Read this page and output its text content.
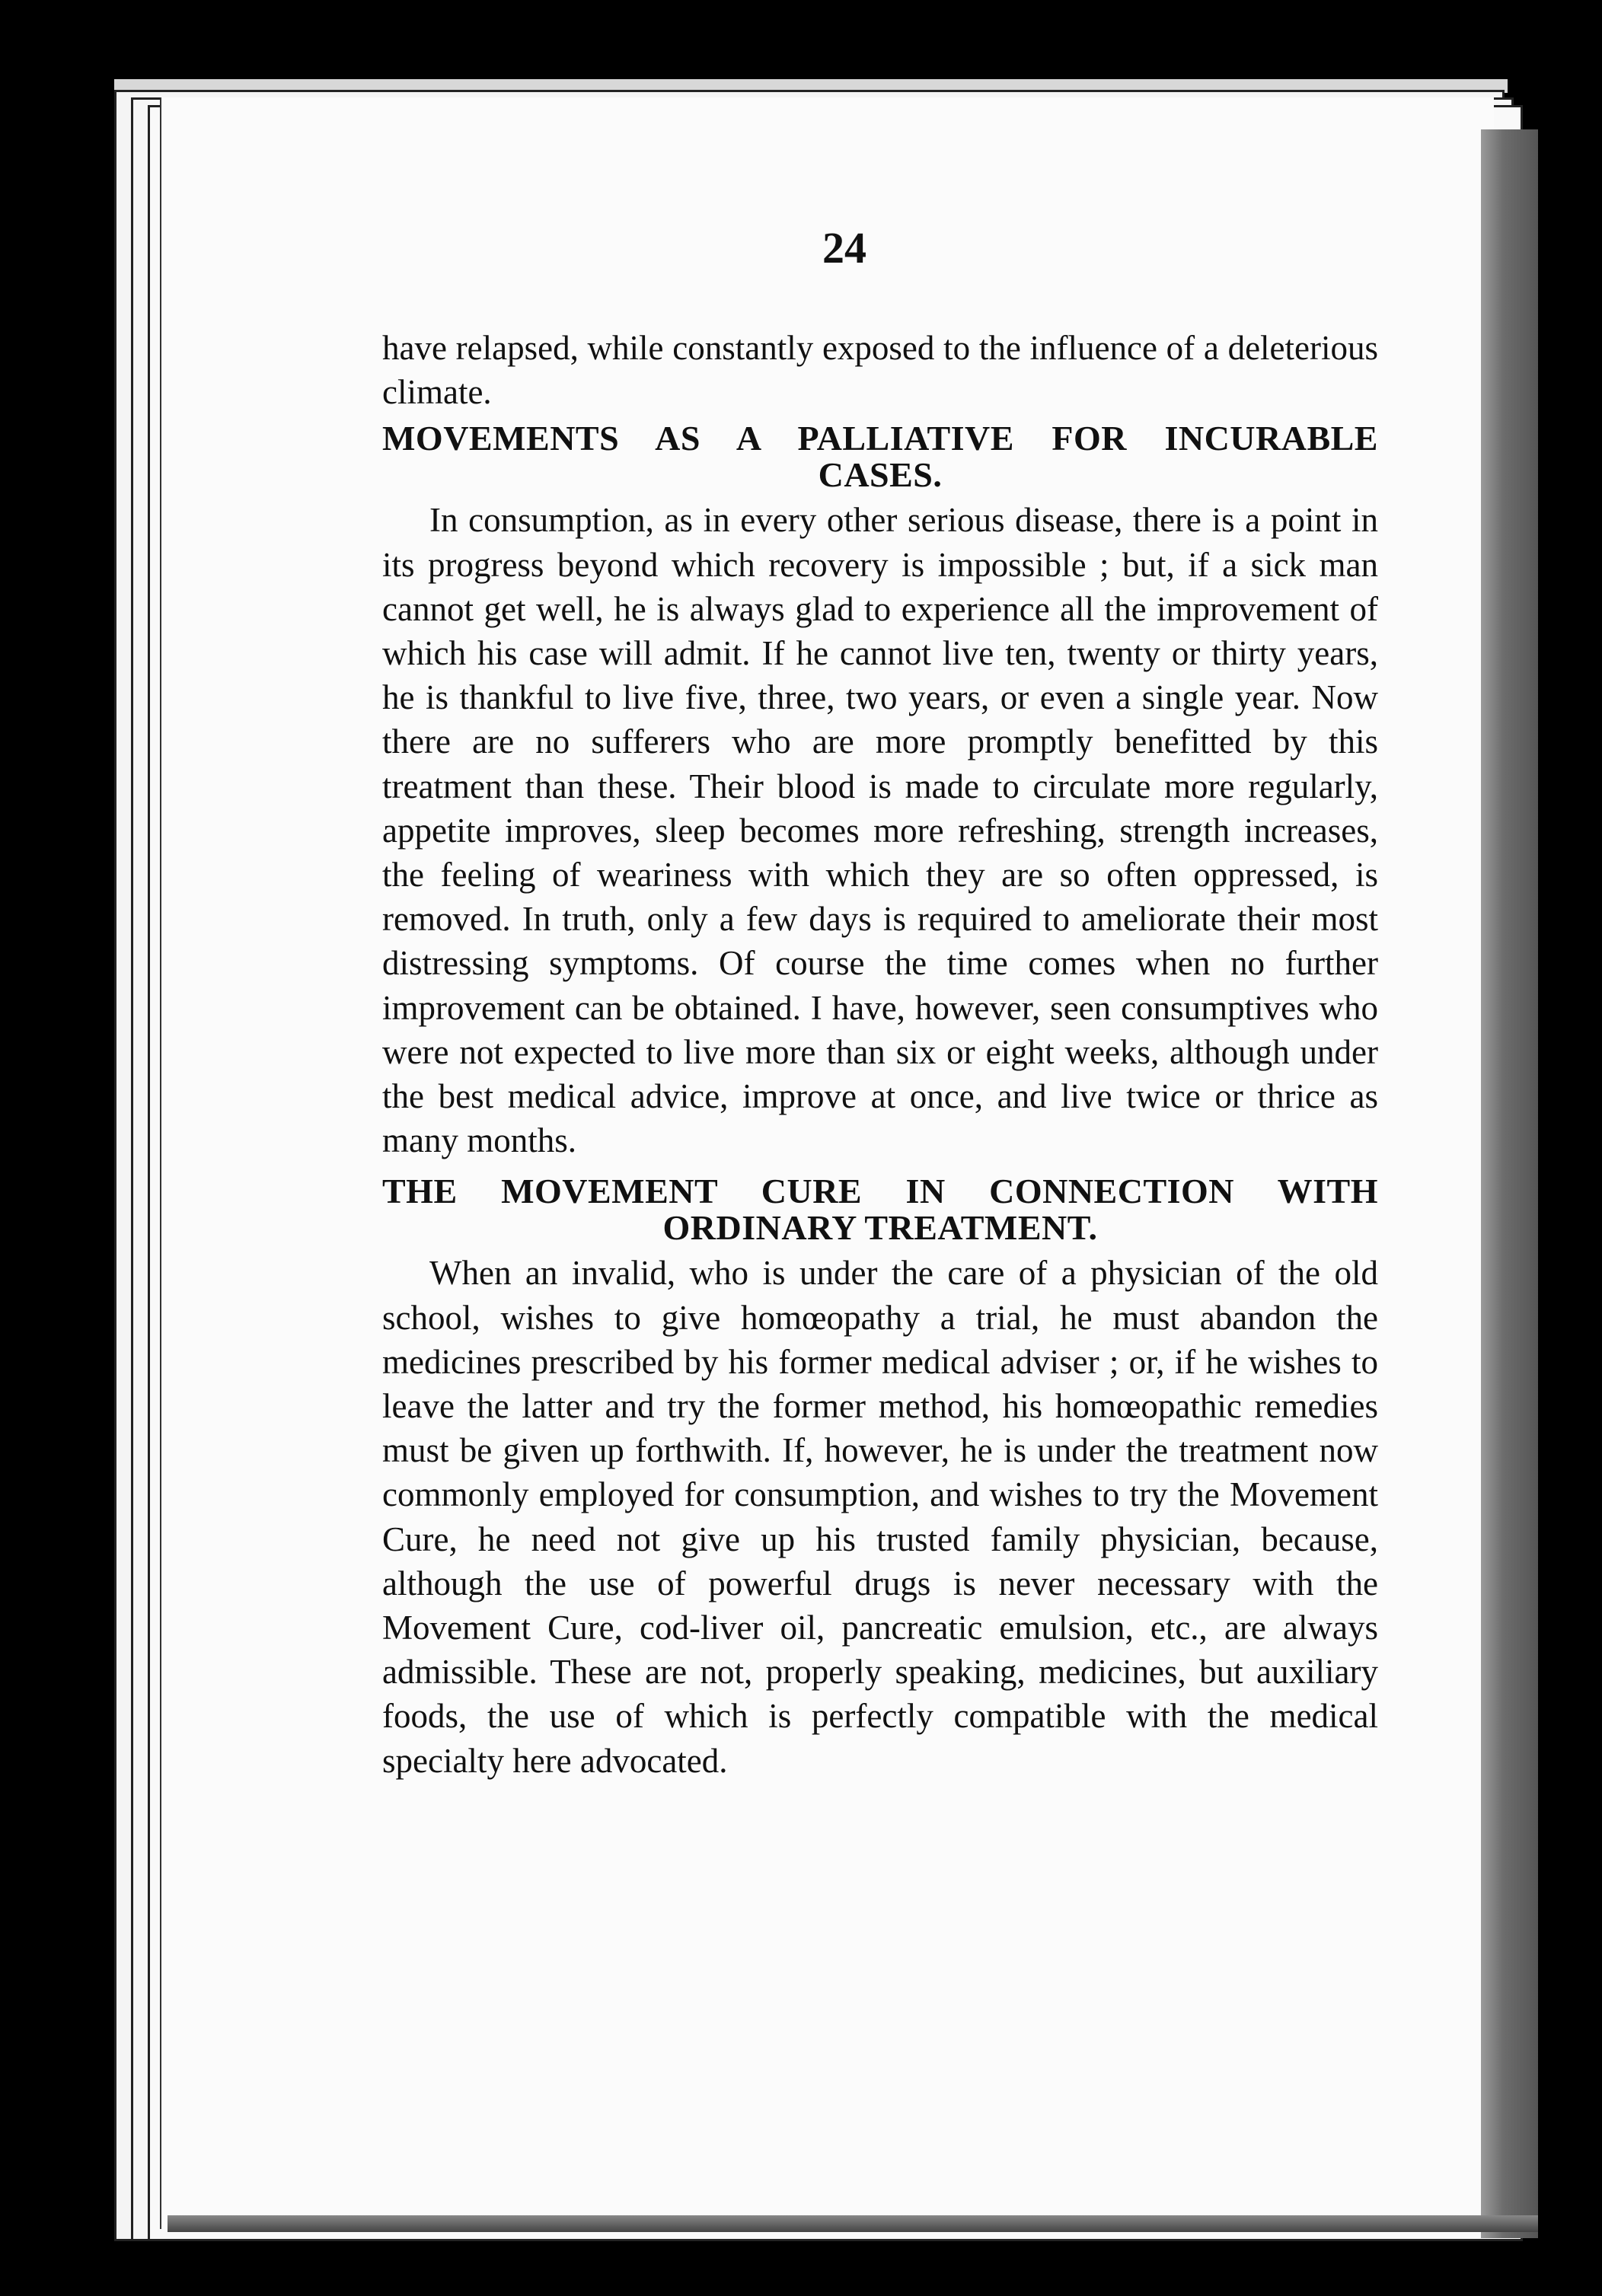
24

have relapsed, while constantly exposed to the influence of a deleterious climate.

MOVEMENTS AS A PALLIATIVE FOR INCURABLE
CASES.

In consumption, as in every other serious disease, there is a point in its progress beyond which recovery is impossible ; but, if a sick man cannot get well, he is always glad to experience all the improvement of which his case will admit. If he cannot live ten, twenty or thirty years, he is thankful to live five, three, two years, or even a single year. Now there are no sufferers who are more promptly benefitted by this treatment than these. Their blood is made to circulate more regularly, appetite improves, sleep becomes more refreshing, strength increases, the feeling of weariness with which they are so often oppressed, is removed. In truth, only a few days is required to ameliorate their most distressing symptoms. Of course the time comes when no further improvement can be obtained. I have, however, seen consumptives who were not expected to live more than six or eight weeks, although under the best medical advice, improve at once, and live twice or thrice as many months.

THE MOVEMENT CURE IN CONNECTION WITH
ORDINARY TREATMENT.

When an invalid, who is under the care of a physician of the old school, wishes to give homœopathy a trial, he must abandon the medicines prescribed by his former medical adviser ; or, if he wishes to leave the latter and try the former method, his homœopathic remedies must be given up forthwith. If, however, he is under the treatment now commonly employed for consumption, and wishes to try the Movement Cure, he need not give up his trusted family physician, because, although the use of powerful drugs is never necessary with the Movement Cure, cod-liver oil, pancreatic emulsion, etc., are always admissible. These are not, properly speaking, medicines, but auxiliary foods, the use of which is perfectly compatible with the medical specialty here advocated.
